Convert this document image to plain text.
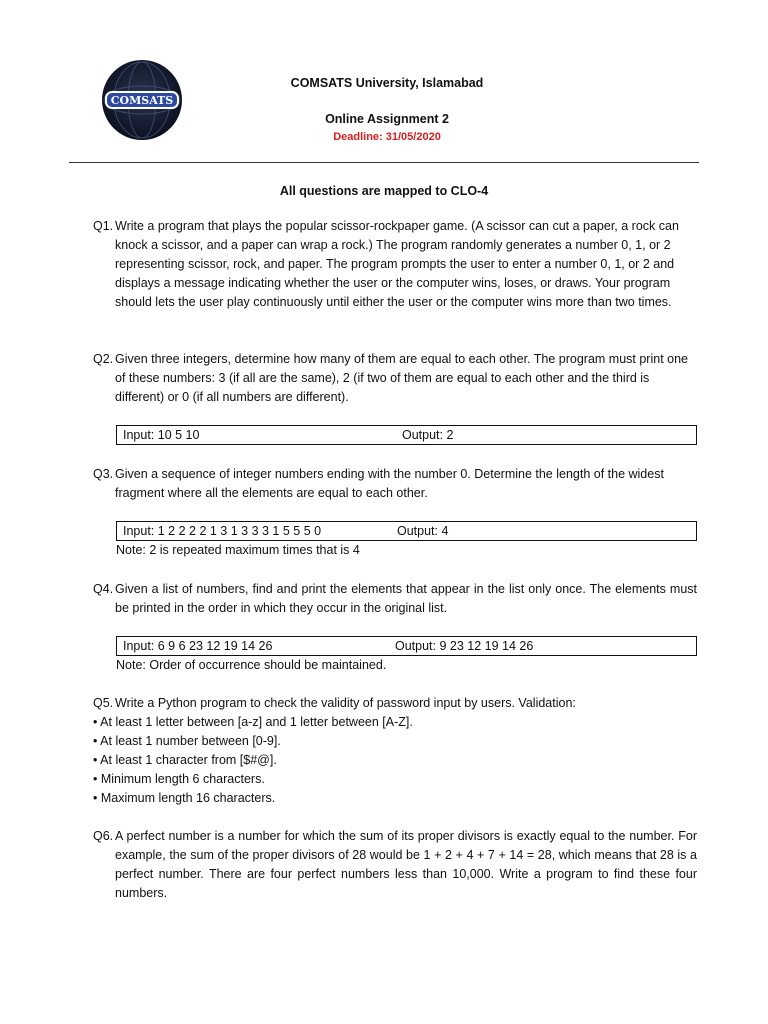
COMSATS
COMSATS University, Islamabad
Online Assignment 2
Deadline: 31/05/2020
All questions are mapped to CLO-4
Q1. Write a program that plays the popular scissor-rockpaper game. (A scissor can cut a paper, a rock can knock a scissor, and a paper can wrap a rock.) The program randomly generates a number 0, 1, or 2 representing scissor, rock, and paper. The program prompts the user to enter a number 0, 1, or 2 and displays a message indicating whether the user or the computer wins, loses, or draws. Your program should lets the user play continuously until either the user or the computer wins more than two times.
Q2. Given three integers, determine how many of them are equal to each other. The program must print one of these numbers: 3 (if all are the same), 2 (if two of them are equal to each other and the third is different) or 0 (if all numbers are different).
Input: 10 5 10	Output: 2
Q3. Given a sequence of integer numbers ending with the number 0. Determine the length of the widest fragment where all the elements are equal to each other.
Input: 1 2 2 2 2 1 3 1 3 3 3 1 5 5 5 0	Output: 4
Note: 2 is repeated maximum times that is 4
Q4. Given a list of numbers, find and print the elements that appear in the list only once. The elements must be printed in the order in which they occur in the original list.
Input: 6 9 6 23 12 19 14 26	Output: 9 23 12 19 14 26
Note: Order of occurrence should be maintained.
Q5. Write a Python program to check the validity of password input by users. Validation:
• At least 1 letter between [a-z] and 1 letter between [A-Z].
• At least 1 number between [0-9].
• At least 1 character from [$#@].
• Minimum length 6 characters.
• Maximum length 16 characters.
Q6. A perfect number is a number for which the sum of its proper divisors is exactly equal to the number. For example, the sum of the proper divisors of 28 would be 1 + 2 + 4 + 7 + 14 = 28, which means that 28 is a perfect number. There are four perfect numbers less than 10,000. Write a program to find these four numbers.
